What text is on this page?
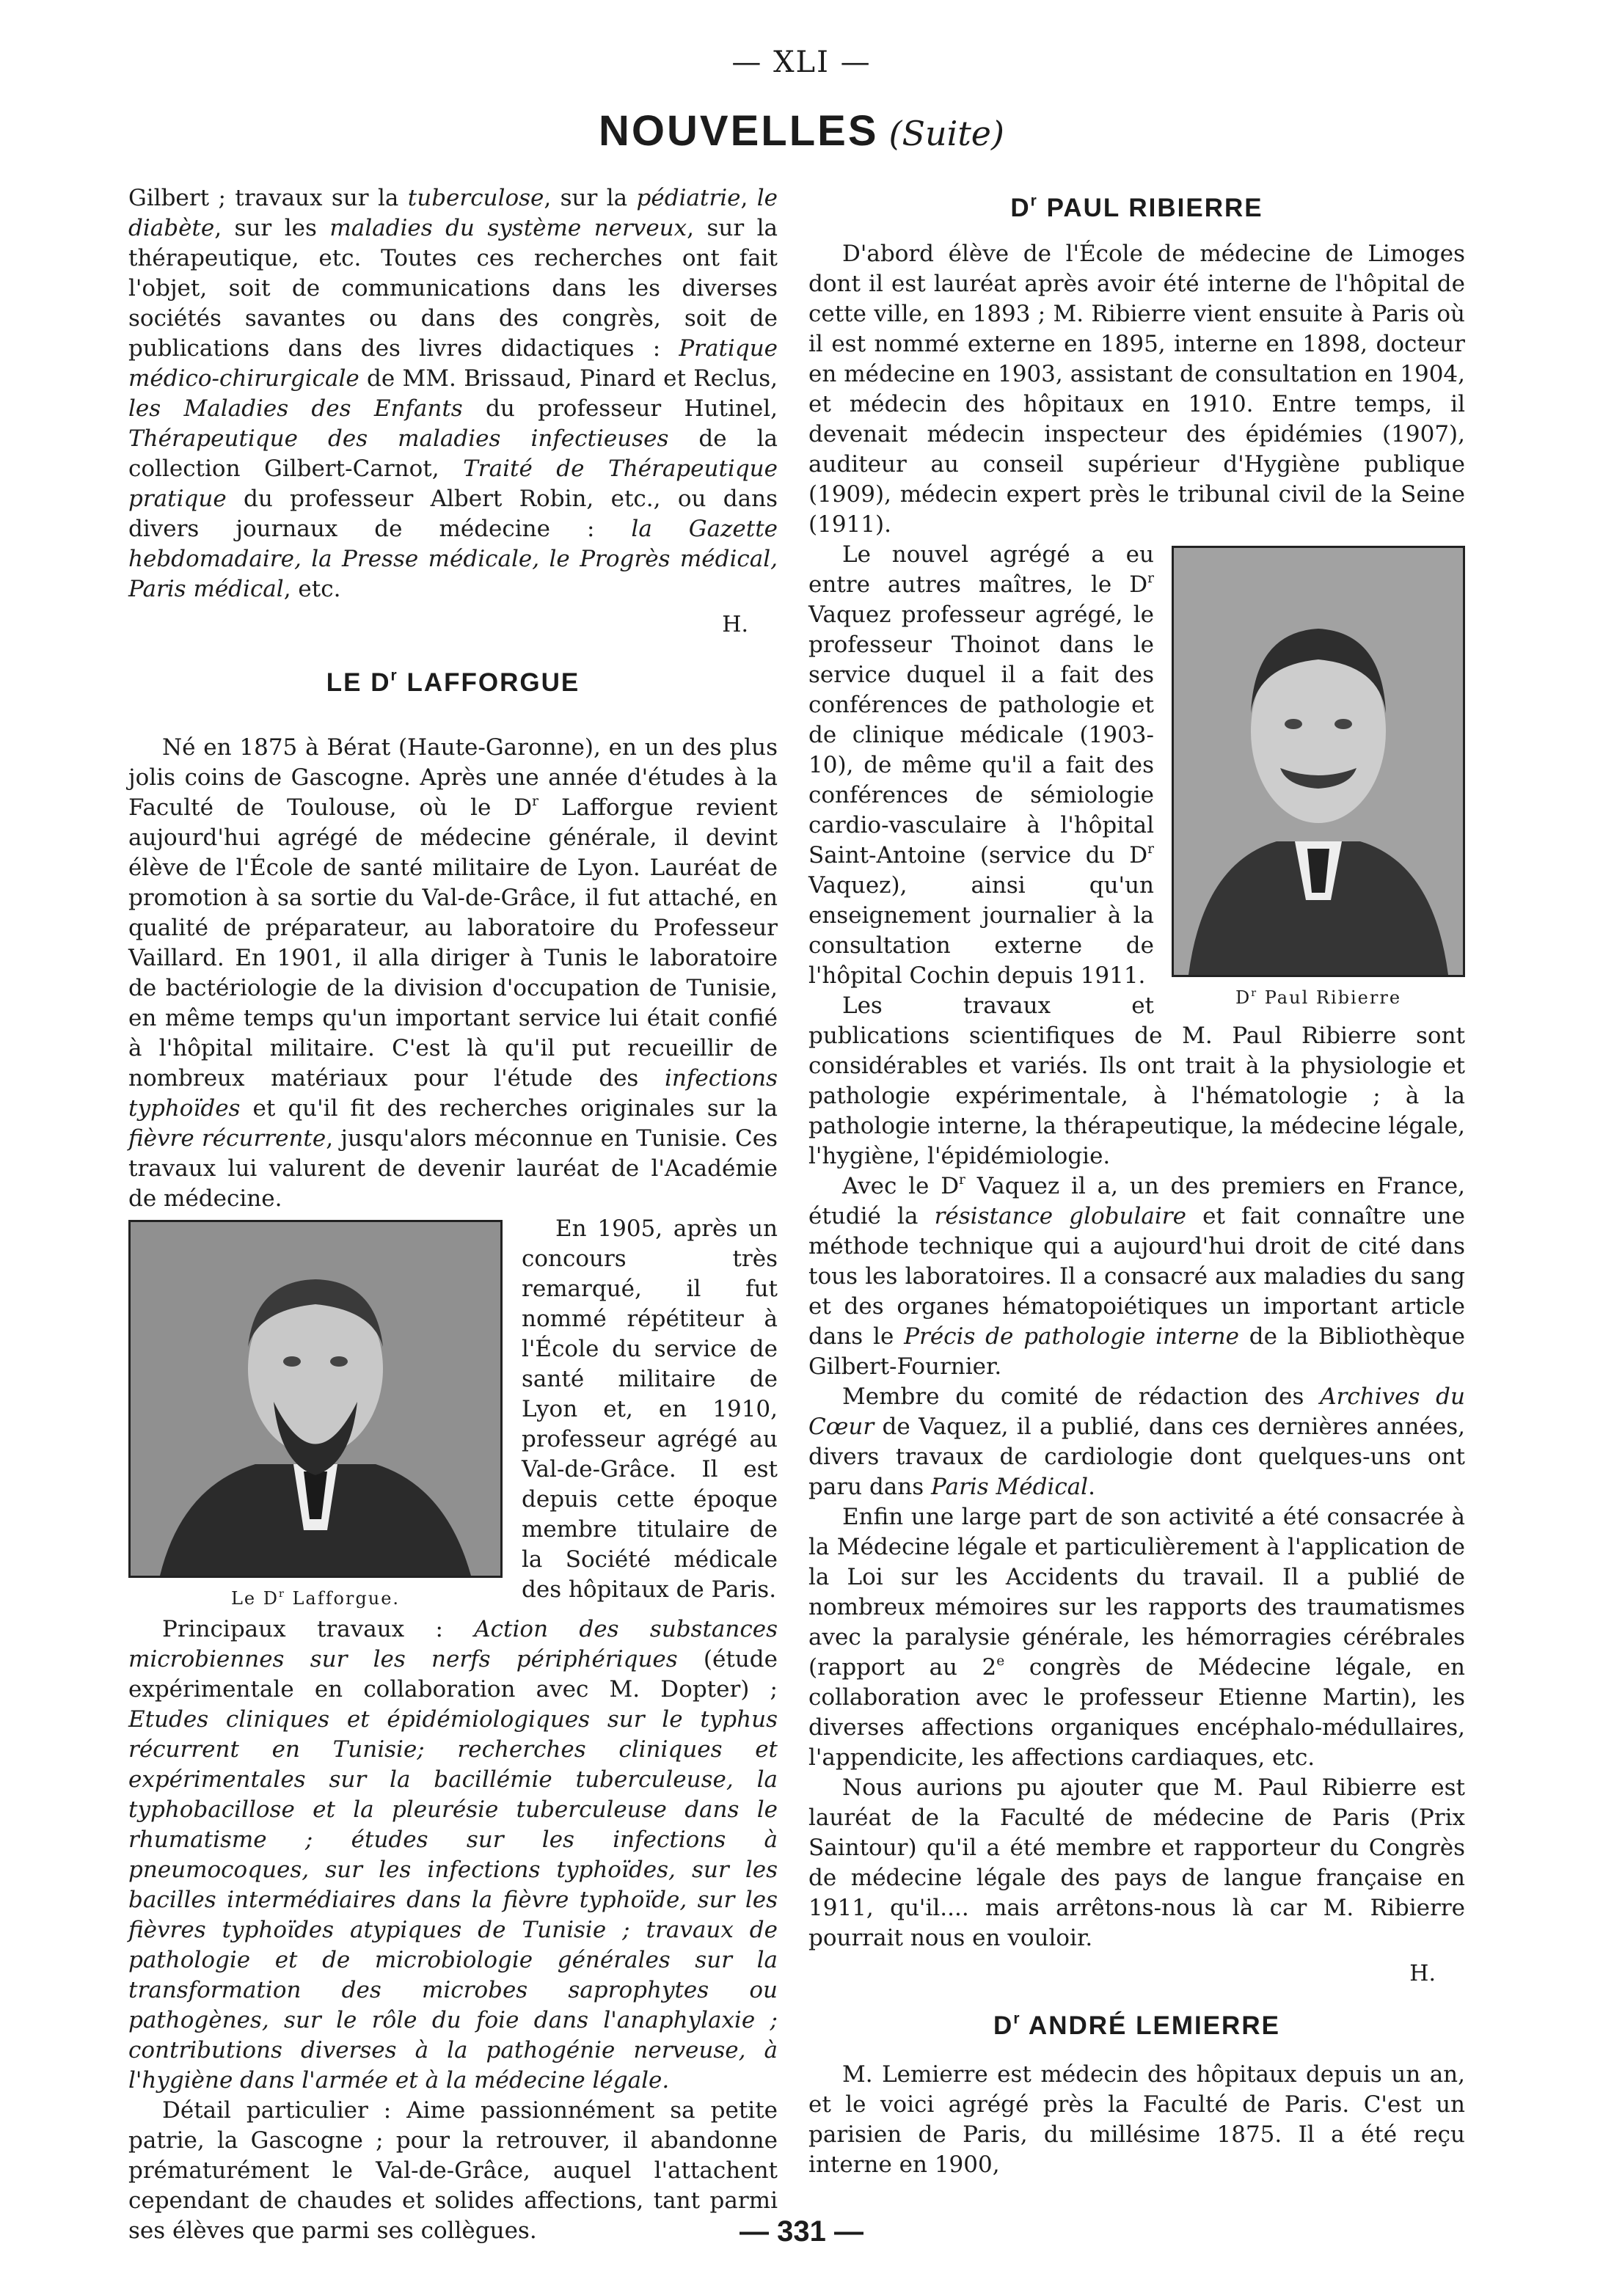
— XLI —
NOUVELLES (Suite)

Gilbert ; travaux sur la tuberculose, sur la pédiatrie, le diabète, sur les maladies du système nerveux, sur la thérapeutique, etc. Toutes ces recherches ont fait l'objet, soit de communications dans les diverses sociétés savantes ou dans des congrès, soit de publications dans des livres didactiques : Pratique médico-chirurgicale de MM. Brissaud, Pinard et Reclus, les Maladies des Enfants du professeur Hutinel, Thérapeutique des maladies infectieuses de la collection Gilbert-Carnot, Traité de Thérapeutique pratique du professeur Albert Robin, etc., ou dans divers journaux de médecine : la Gazette hebdomadaire, la Presse médicale, le Progrès médical, Paris médical, etc.

H.
LE $D^r$ LAFFORGUE

Né en 1875 à Bérat (Haute-Garonne), en un des plus jolis coins de Gascogne. Après une année d'études à la Faculté de Toulouse, où le $D^r$ Lafforgue revient aujourd'hui agrégé de médecine générale, il devint élève de l'École de santé militaire de Lyon. Lauréat de promotion à sa sortie du Val-de-Grâce, il fut attaché, en qualité de préparateur, au laboratoire du Professeur Vaillard. En 1901, il alla diriger à Tunis le laboratoire de bactériologie de la division d'occupation de Tunisie, en même temps qu'un important service lui était confié à l'hôpital militaire. C'est là qu'il put recueillir de nombreux matériaux pour l'étude des infections typhoïdes et qu'il fit des recherches originales sur la fièvre récurrente, jusqu'alors méconnue en Tunisie. Ces travaux lui valurent de devenir lauréat de l'Académie de médecine.

Le $D^r$ Lafforgue.

En 1905, après un concours très remarqué, il fut nommé répétiteur à l'École du service de santé militaire de Lyon et, en 1910, professeur agrégé au Val-de-Grâce. Il est depuis cette époque membre titulaire de la Société médicale des hôpitaux de Paris.

Principaux travaux : Action des substances microbiennes sur les nerfs périphériques (étude expérimentale en collaboration avec M. Dopter) ; Etudes cliniques et épidémiologiques sur le typhus récurrent en Tunisie; recherches cliniques et expérimentales sur la bacillémie tuberculeuse, la typhobacillose et la pleurésie tuberculeuse dans le rhumatisme ; études sur les infections à pneumocoques, sur les infections typhoïdes, sur les bacilles intermédiaires dans la fièvre typhoïde, sur les fièvres typhoïdes atypiques de Tunisie ; travaux de pathologie et de microbiologie générales sur la transformation des microbes saprophytes ou pathogènes, sur le rôle du foie dans l'anaphylaxie ; contributions diverses à la pathogénie nerveuse, à l'hygiène dans l'armée et à la médecine légale.

Détail particulier : Aime passionnément sa petite patrie, la Gascogne ; pour la retrouver, il abandonne prématurément le Val-de-Grâce, auquel l'attachent cependant de chaudes et solides affections, tant parmi ses élèves que parmi ses collègues.

$D^r$ PAUL RIBIERRE

D'abord élève de l'École de médecine de Limoges dont il est lauréat après avoir été interne de l'hôpital de cette ville, en 1893 ; M. Ribierre vient ensuite à Paris où il est nommé externe en 1895, interne en 1898, docteur en médecine en 1903, assistant de consultation en 1904, et médecin des hôpitaux en 1910. Entre temps, il devenait médecin inspecteur des épidémies (1907), auditeur au conseil supérieur d'Hygiène publique (1909), médecin expert près le tribunal civil de la Seine (1911).

$D^r$ Paul Ribierre

Le nouvel agrégé a eu entre autres maîtres, le $D^r$ Vaquez professeur agrégé, le professeur Thoinot dans le service duquel il a fait des conférences de pathologie et de clinique médicale (1903-10), de même qu'il a fait des conférences de sémiologie cardio-vasculaire à l'hôpital Saint-Antoine (service du $D^r$ Vaquez), ainsi qu'un enseignement journalier à la consultation externe de l'hôpital Cochin depuis 1911.

Les travaux et publications scientifiques de M. Paul Ribierre sont considérables et variés. Ils ont trait à la physiologie et pathologie expérimentale, à l'hématologie ; à la pathologie interne, la thérapeutique, la médecine légale, l'hygiène, l'épidémiologie.

Avec le $D^r$ Vaquez il a, un des premiers en France, étudié la résistance globulaire et fait connaître une méthode technique qui a aujourd'hui droit de cité dans tous les laboratoires. Il a consacré aux maladies du sang et des organes hématopoiétiques un important article dans le Précis de pathologie interne de la Bibliothèque Gilbert-Fournier.

Membre du comité de rédaction des Archives du Cœur de Vaquez, il a publié, dans ces dernières années, divers travaux de cardiologie dont quelques-uns ont paru dans Paris Médical.

Enfin une large part de son activité a été consacrée à la Médecine légale et particulièrement à l'application de la Loi sur les Accidents du travail. Il a publié de nombreux mémoires sur les rapports des traumatismes avec la paralysie générale, les hémorragies cérébrales (rapport au 2e congrès de Médecine légale, en collaboration avec le professeur Etienne Martin), les diverses affections organiques encéphalo-médullaires, l'appendicite, les affections cardiaques, etc.

Nous aurions pu ajouter que M. Paul Ribierre est lauréat de la Faculté de médecine de Paris (Prix Saintour) qu'il a été membre et rapporteur du Congrès de médecine légale des pays de langue française en 1911, qu'il.... mais arrêtons-nous là car M. Ribierre pourrait nous en vouloir.

H.
$D^r$ ANDRÉ LEMIERRE

M. Lemierre est médecin des hôpitaux depuis un an, et le voici agrégé près la Faculté de Paris. C'est un parisien de Paris, du millésime 1875. Il a été reçu interne en 1900,

— 331 —
